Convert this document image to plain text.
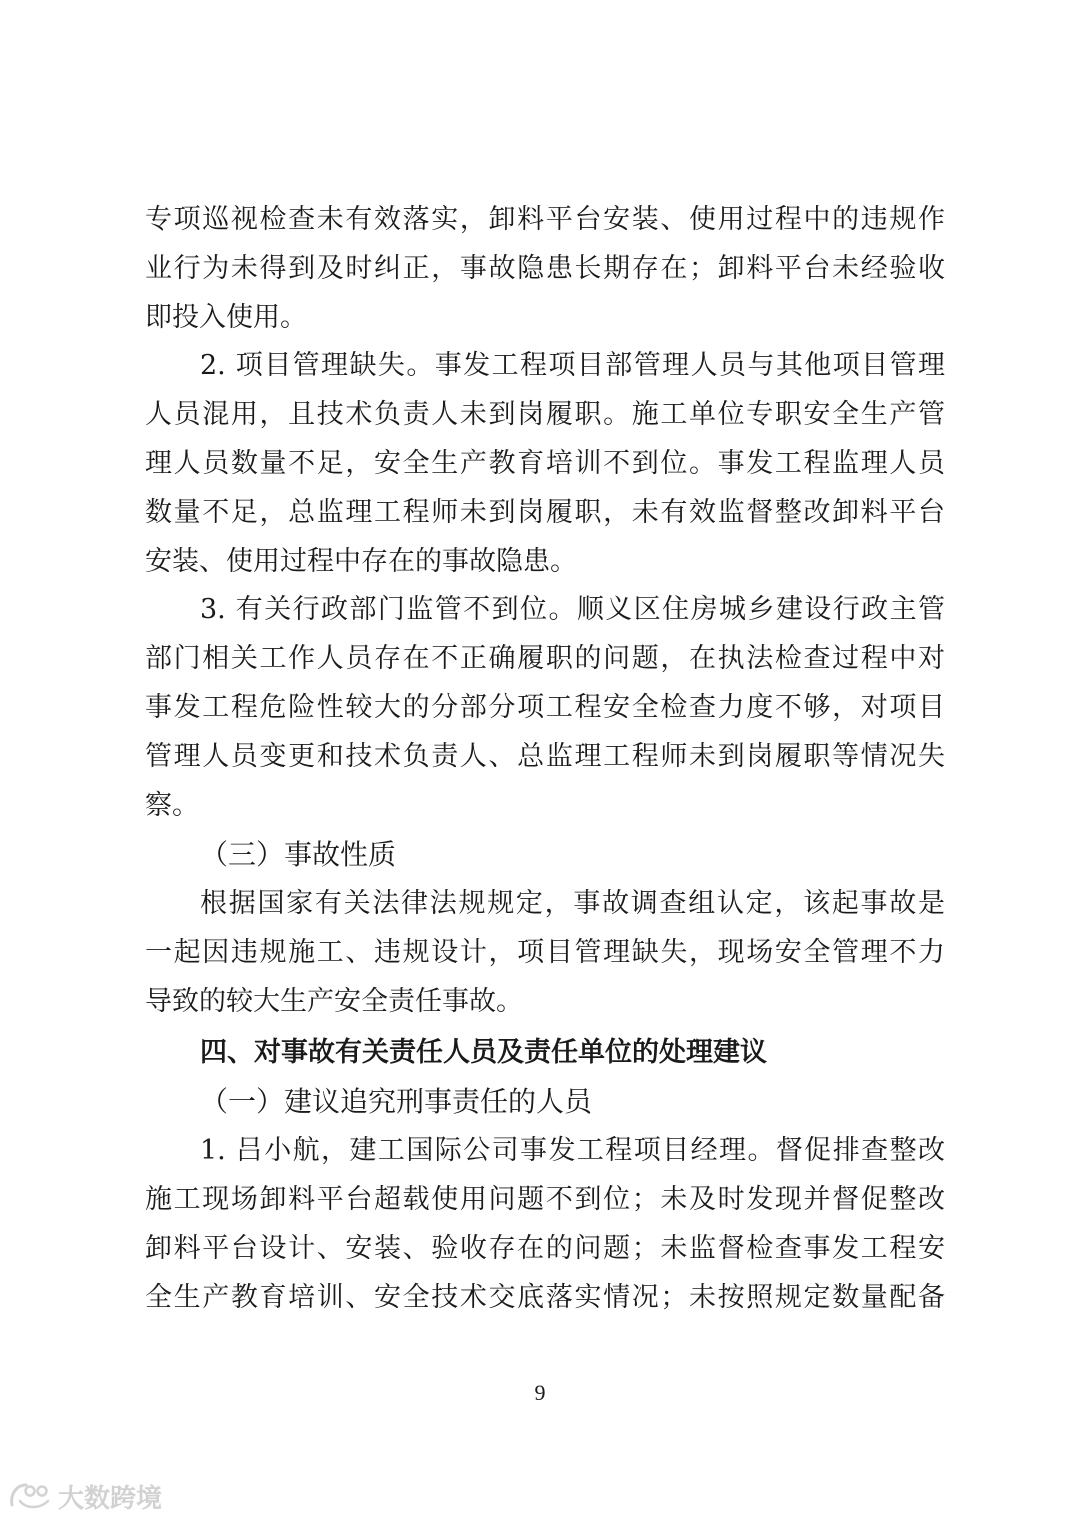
专项巡视检查未有效落实，卸料平台安装、使用过程中的违规作
业行为未得到及时纠正，事故隐患长期存在；卸料平台未经验收
即投入使用。
2. 项目管理缺失。事发工程项目部管理人员与其他项目管理
人员混用，且技术负责人未到岗履职。施工单位专职安全生产管
理人员数量不足，安全生产教育培训不到位。事发工程监理人员
数量不足，总监理工程师未到岗履职，未有效监督整改卸料平台
安装、使用过程中存在的事故隐患。
3. 有关行政部门监管不到位。顺义区住房城乡建设行政主管
部门相关工作人员存在不正确履职的问题，在执法检查过程中对
事发工程危险性较大的分部分项工程安全检查力度不够，对项目
管理人员变更和技术负责人、总监理工程师未到岗履职等情况失
察。
（三）事故性质
根据国家有关法律法规规定，事故调查组认定，该起事故是
一起因违规施工、违规设计，项目管理缺失，现场安全管理不力
导致的较大生产安全责任事故。
四、对事故有关责任人员及责任单位的处理建议
（一）建议追究刑事责任的人员
1. 吕小航，建工国际公司事发工程项目经理。督促排查整改
施工现场卸料平台超载使用问题不到位；未及时发现并督促整改
卸料平台设计、安装、验收存在的问题；未监督检查事发工程安
全生产教育培训、安全技术交底落实情况；未按照规定数量配备
9
大数跨境
